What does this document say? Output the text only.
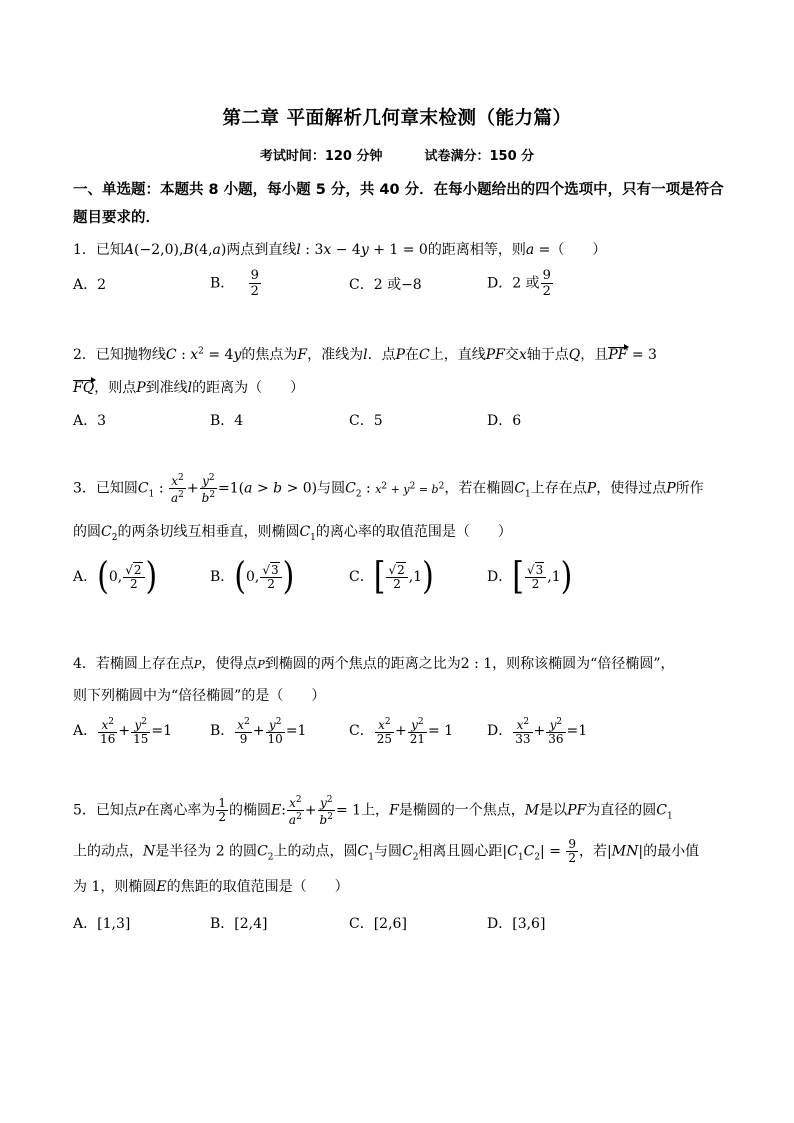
第二章 平面解析几何章末检测（能力篇）
考试时间：120 分钟	试卷满分：150 分
一、单选题：本题共 8 小题，每小题 5 分，共 40 分．在每小题给出的四个选项中，只有一项是符合题目要求的．
1．已知A(−2,0),B(4,a)两点到直线l : 3x − 4y + 1 = 0的距离相等，则a =（　　）
A．2	B． $\frac{9}{2}$	C．2 或−8	D．2 或 $\frac{9}{2}$
2．已知抛物线C : $x^2 = 4y$的焦点为F，准线为l．点P在C上，直线PF交x轴于点Q，且PF = 3
FQ，则点P到准线l的距离为（　　）
A．3	B．4	C．5	D．6
3．已知圆$C_1$ : $\frac{x^2}{a^2} + \frac{y^2}{b^2} =1(a > b > 0)$与圆$C_2$ : $x^2 + y^2 = b^2$，若在椭圆$C_1$上存在点P，使得过点P所作
的圆$C_2$的两条切线互相垂直，则椭圆$C_1$的离心率的取值范围是（　　）
A．(0, $\frac{√2}{2}$ )	B．(0, $\frac{√3}{2}$ )	C．[ $\frac{√2}{2} ,1$)	D．[ $\frac{√3}{2} ,1$)
4．若椭圆上存在点P，使得点P到椭圆的两个焦点的距离之比为2 : 1，则称该椭圆为“倍径椭圆”，
则下列椭圆中为“倍径椭圆”的是（　　）
A． $\frac{x^2}{16} + \frac{y^2}{15} =1$	B． $\frac{x^2}{9} + \frac{y^2}{10} =1$	C． $\frac{x^2}{25} + \frac{y^2}{21} = 1$ D． $\frac{x^2}{33} + \frac{y^2}{36} =1$
5．已知点P在离心率为 $\frac{1}{2}$ 的椭圆E: $\frac{x^2}{a^2} + \frac{y^2}{b^2} = 1$上，F是椭圆的一个焦点，M是以PF为直径的圆$C_1$
上的动点，N是半径为 2 的圆$C_2$上的动点，圆$C_1$与圆$C_2$相离且圆心距$|C_1C_2| = \frac{9}{2}$ ，若|MN|的最小值
为 1，则椭圆E的焦距的取值范围是（　　）
A．[1,3]	B．[2,4]	C．[2,6]	D．[3,6]
